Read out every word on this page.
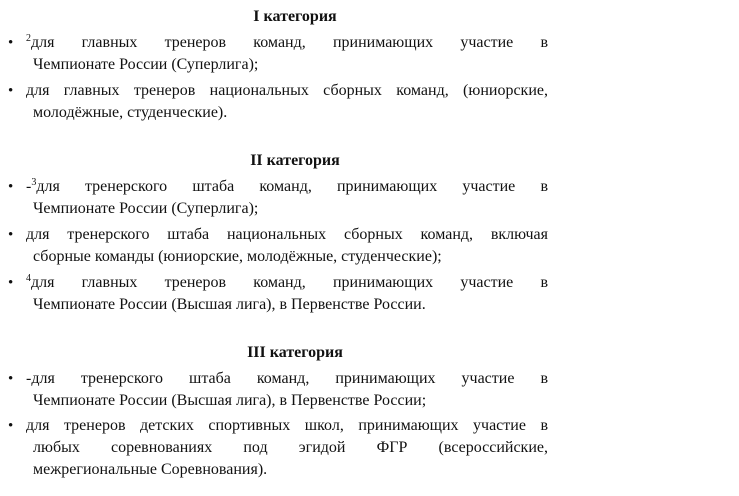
I категория
• $^2$для главных тренеров команд, принимающих участие в
Чемпионате России (Суперлига);
• для главных тренеров национальных сборных команд, (юниорские,
молодёжные, студенческие).
II категория
• -$^3$для тренерского штаба команд, принимающих участие в
Чемпионате России (Суперлига);
• для тренерского штаба национальных сборных команд, включая
сборные команды (юниорские, молодёжные, студенческие);
• $^4$для главных тренеров команд, принимающих участие в
Чемпионате России (Высшая лига), в Первенстве России.
III категория
• -для тренерского штаба команд, принимающих участие в
Чемпионате России (Высшая лига), в Первенстве России;
• для тренеров детских спортивных школ, принимающих участие в
любых соревнованиях под эгидой ФГР (всероссийские,
межрегиональные Соревнования).
